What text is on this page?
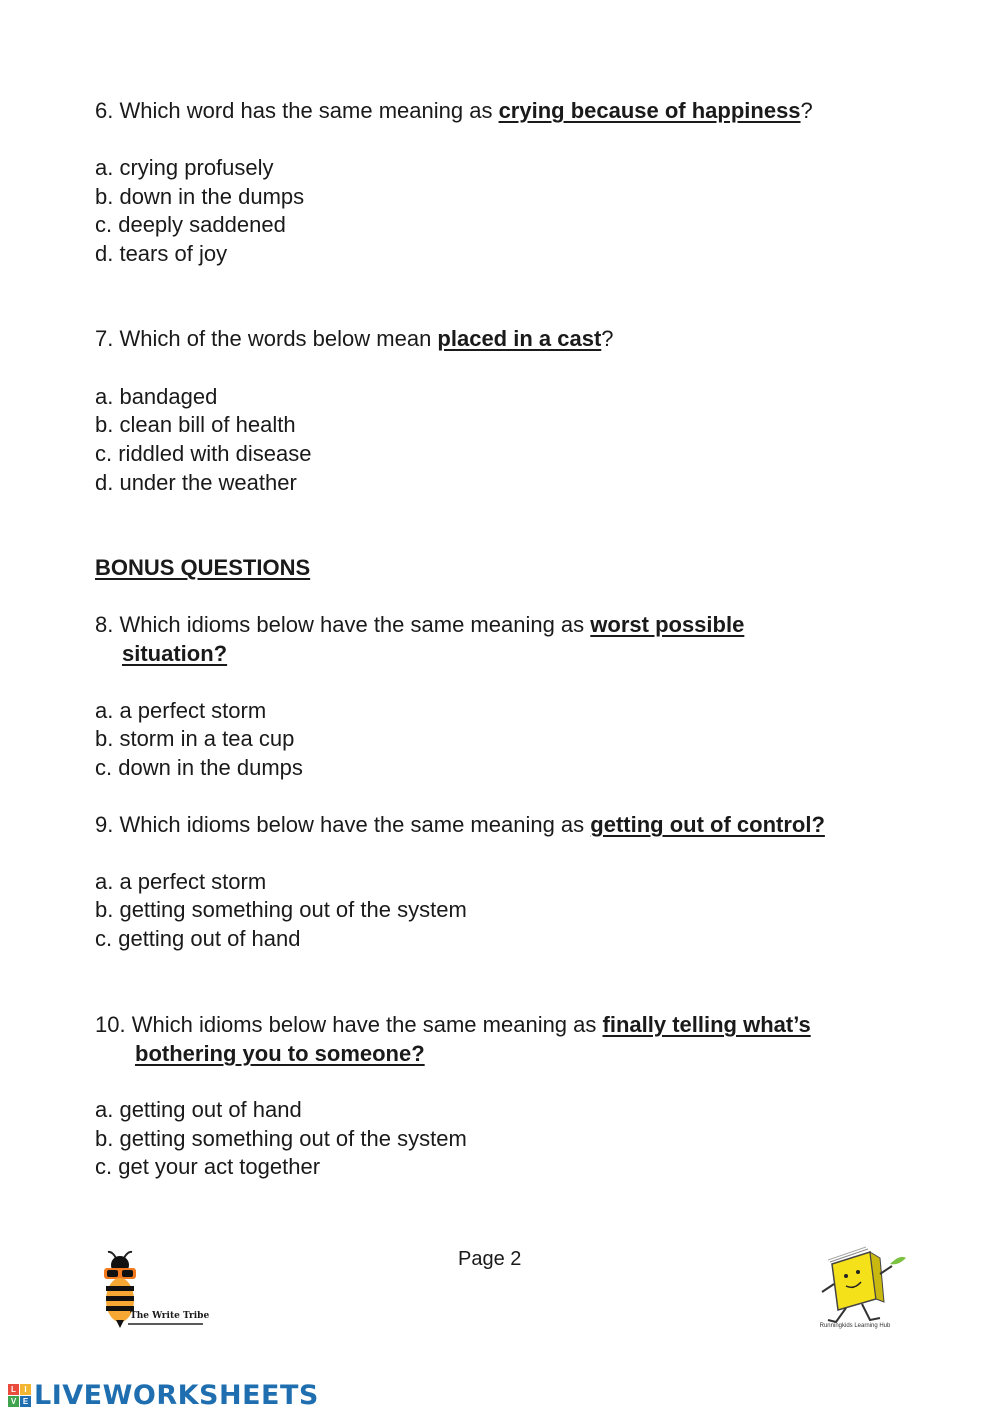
6. Which word has the same meaning as crying because of happiness?
a. crying profusely
b. down in the dumps
c. deeply saddened
d. tears of joy
7. Which of the words below mean placed in a cast?
a. bandaged
b. clean bill of health
c. riddled with disease
d. under the weather
BONUS QUESTIONS
8. Which idioms below have the same meaning as worst possible
situation?
a. a perfect storm
b. storm in a tea cup
c. down in the dumps
9. Which idioms below have the same meaning as getting out of control?
a. a perfect storm
b. getting something out of the system
c. getting out of hand
10. Which idioms below have the same meaning as finally telling what’s
bothering you to someone?
a. getting out of hand
b. getting something out of the system
c. get your act together
Page 2
The Write Tribe
Runningkids Learning Hub
L	I
V E LIVEWORKSHEETS
